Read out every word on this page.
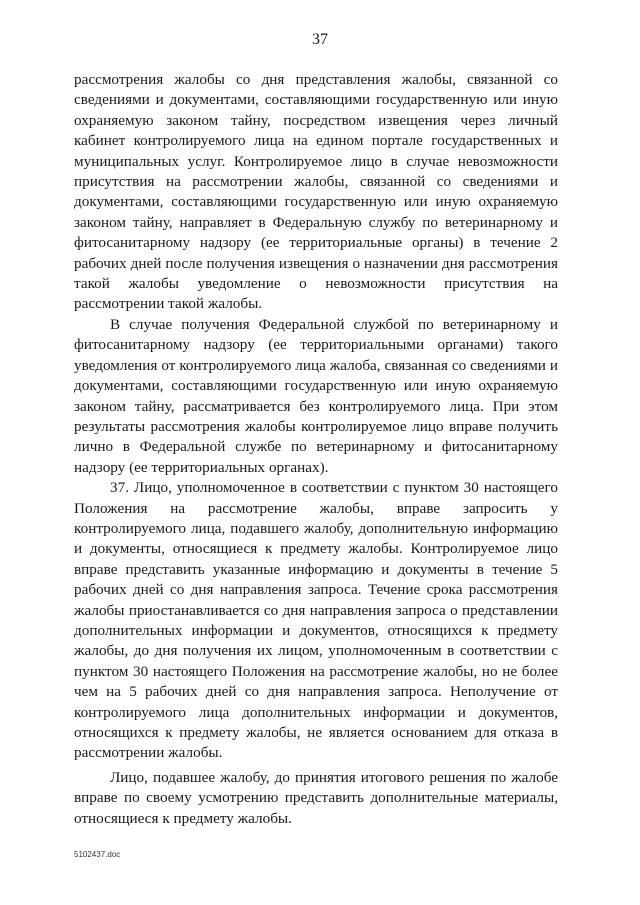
37

рассмотрения жалобы со дня представления жалобы, связанной со сведениями и документами, составляющими государственную или иную охраняемую законом тайну, посредством извещения через личный кабинет контролируемого лица на едином портале государственных и муниципальных услуг. Контролируемое лицо в случае невозможности присутствия на рассмотрении жалобы, связанной со сведениями и документами, составляющими государственную или иную охраняемую законом тайну, направляет в Федеральную службу по ветеринарному и фитосанитарному надзору (ее территориальные органы) в течение 2 рабочих дней после получения извещения о назначении дня рассмотрения такой жалобы уведомление о невозможности присутствия на рассмотрении такой жалобы.

В случае получения Федеральной службой по ветеринарному и фитосанитарному надзору (ее территориальными органами) такого уведомления от контролируемого лица жалоба, связанная со сведениями и документами, составляющими государственную или иную охраняемую законом тайну, рассматривается без контролируемого лица. При этом результаты рассмотрения жалобы контролируемое лицо вправе получить лично в Федеральной службе по ветеринарному и фитосанитарному надзору (ее территориальных органах).

37. Лицо, уполномоченное в соответствии с пунктом 30 настоящего Положения на рассмотрение жалобы, вправе запросить у контролируемого лица, подавшего жалобу, дополнительную информацию и документы, относящиеся к предмету жалобы. Контролируемое лицо вправе представить указанные информацию и документы в течение 5 рабочих дней со дня направления запроса. Течение срока рассмотрения жалобы приостанавливается со дня направления запроса о представлении дополнительных информации и документов, относящихся к предмету жалобы, до дня получения их лицом, уполномоченным в соответствии с пунктом 30 настоящего Положения на рассмотрение жалобы, но не более чем на 5 рабочих дней со дня направления запроса. Неполучение от контролируемого лица дополнительных информации и документов, относящихся к предмету жалобы, не является основанием для отказа в рассмотрении жалобы.

Лицо, подавшее жалобу, до принятия итогового решения по жалобе вправе по своему усмотрению представить дополнительные материалы, относящиеся к предмету жалобы.

5102437.doc
